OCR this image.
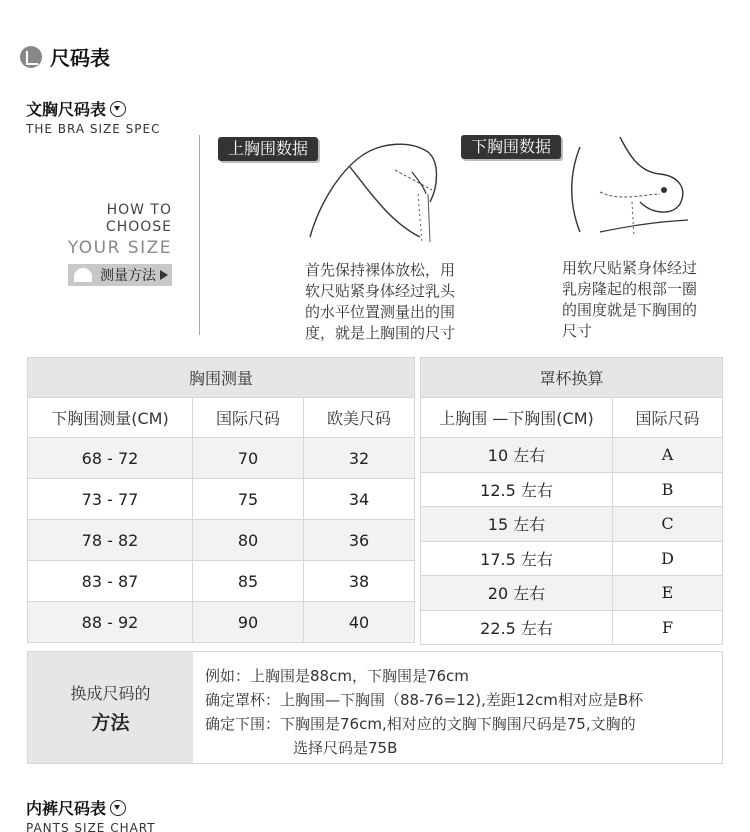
尺码表
文胸尺码表
THE BRA SIZE SPEC
HOW TO
CHOOSE
YOUR SIZE
测量方法
上胸围数据
首先保持裸体放松，用
软尺贴紧身体经过乳头
的水平位置测量出的围
度，就是上胸围的尺寸
下胸围数据
用软尺贴紧身体经过
乳房隆起的根部一圈
的围度就是下胸围的
尺寸
胸围测量		
下胸围测量(CM)	国际尺码	欧美尺码
68 - 72	70	32
73 - 77	75	34
78 - 82	80	36
83 - 87	85	38
88 - 92	90	40
罩杯换算	
上胸围 —下胸围(CM)	国际尺码
10 左右	A
12.5 左右	B
15 左右	C
17.5 左右	D
20 左右	E
22.5 左右	F
换成尺码的
方法
例如：上胸围是88cm，下胸围是76cm
确定罩杯： 上胸围—下胸围（88-76=12),差距12cm相对应是B杯
确定下围： 下胸围是76cm,相对应的文胸下胸围尺码是75,文胸的
选择尺码是75B
内裤尺码表
PANTS SIZE CHART
